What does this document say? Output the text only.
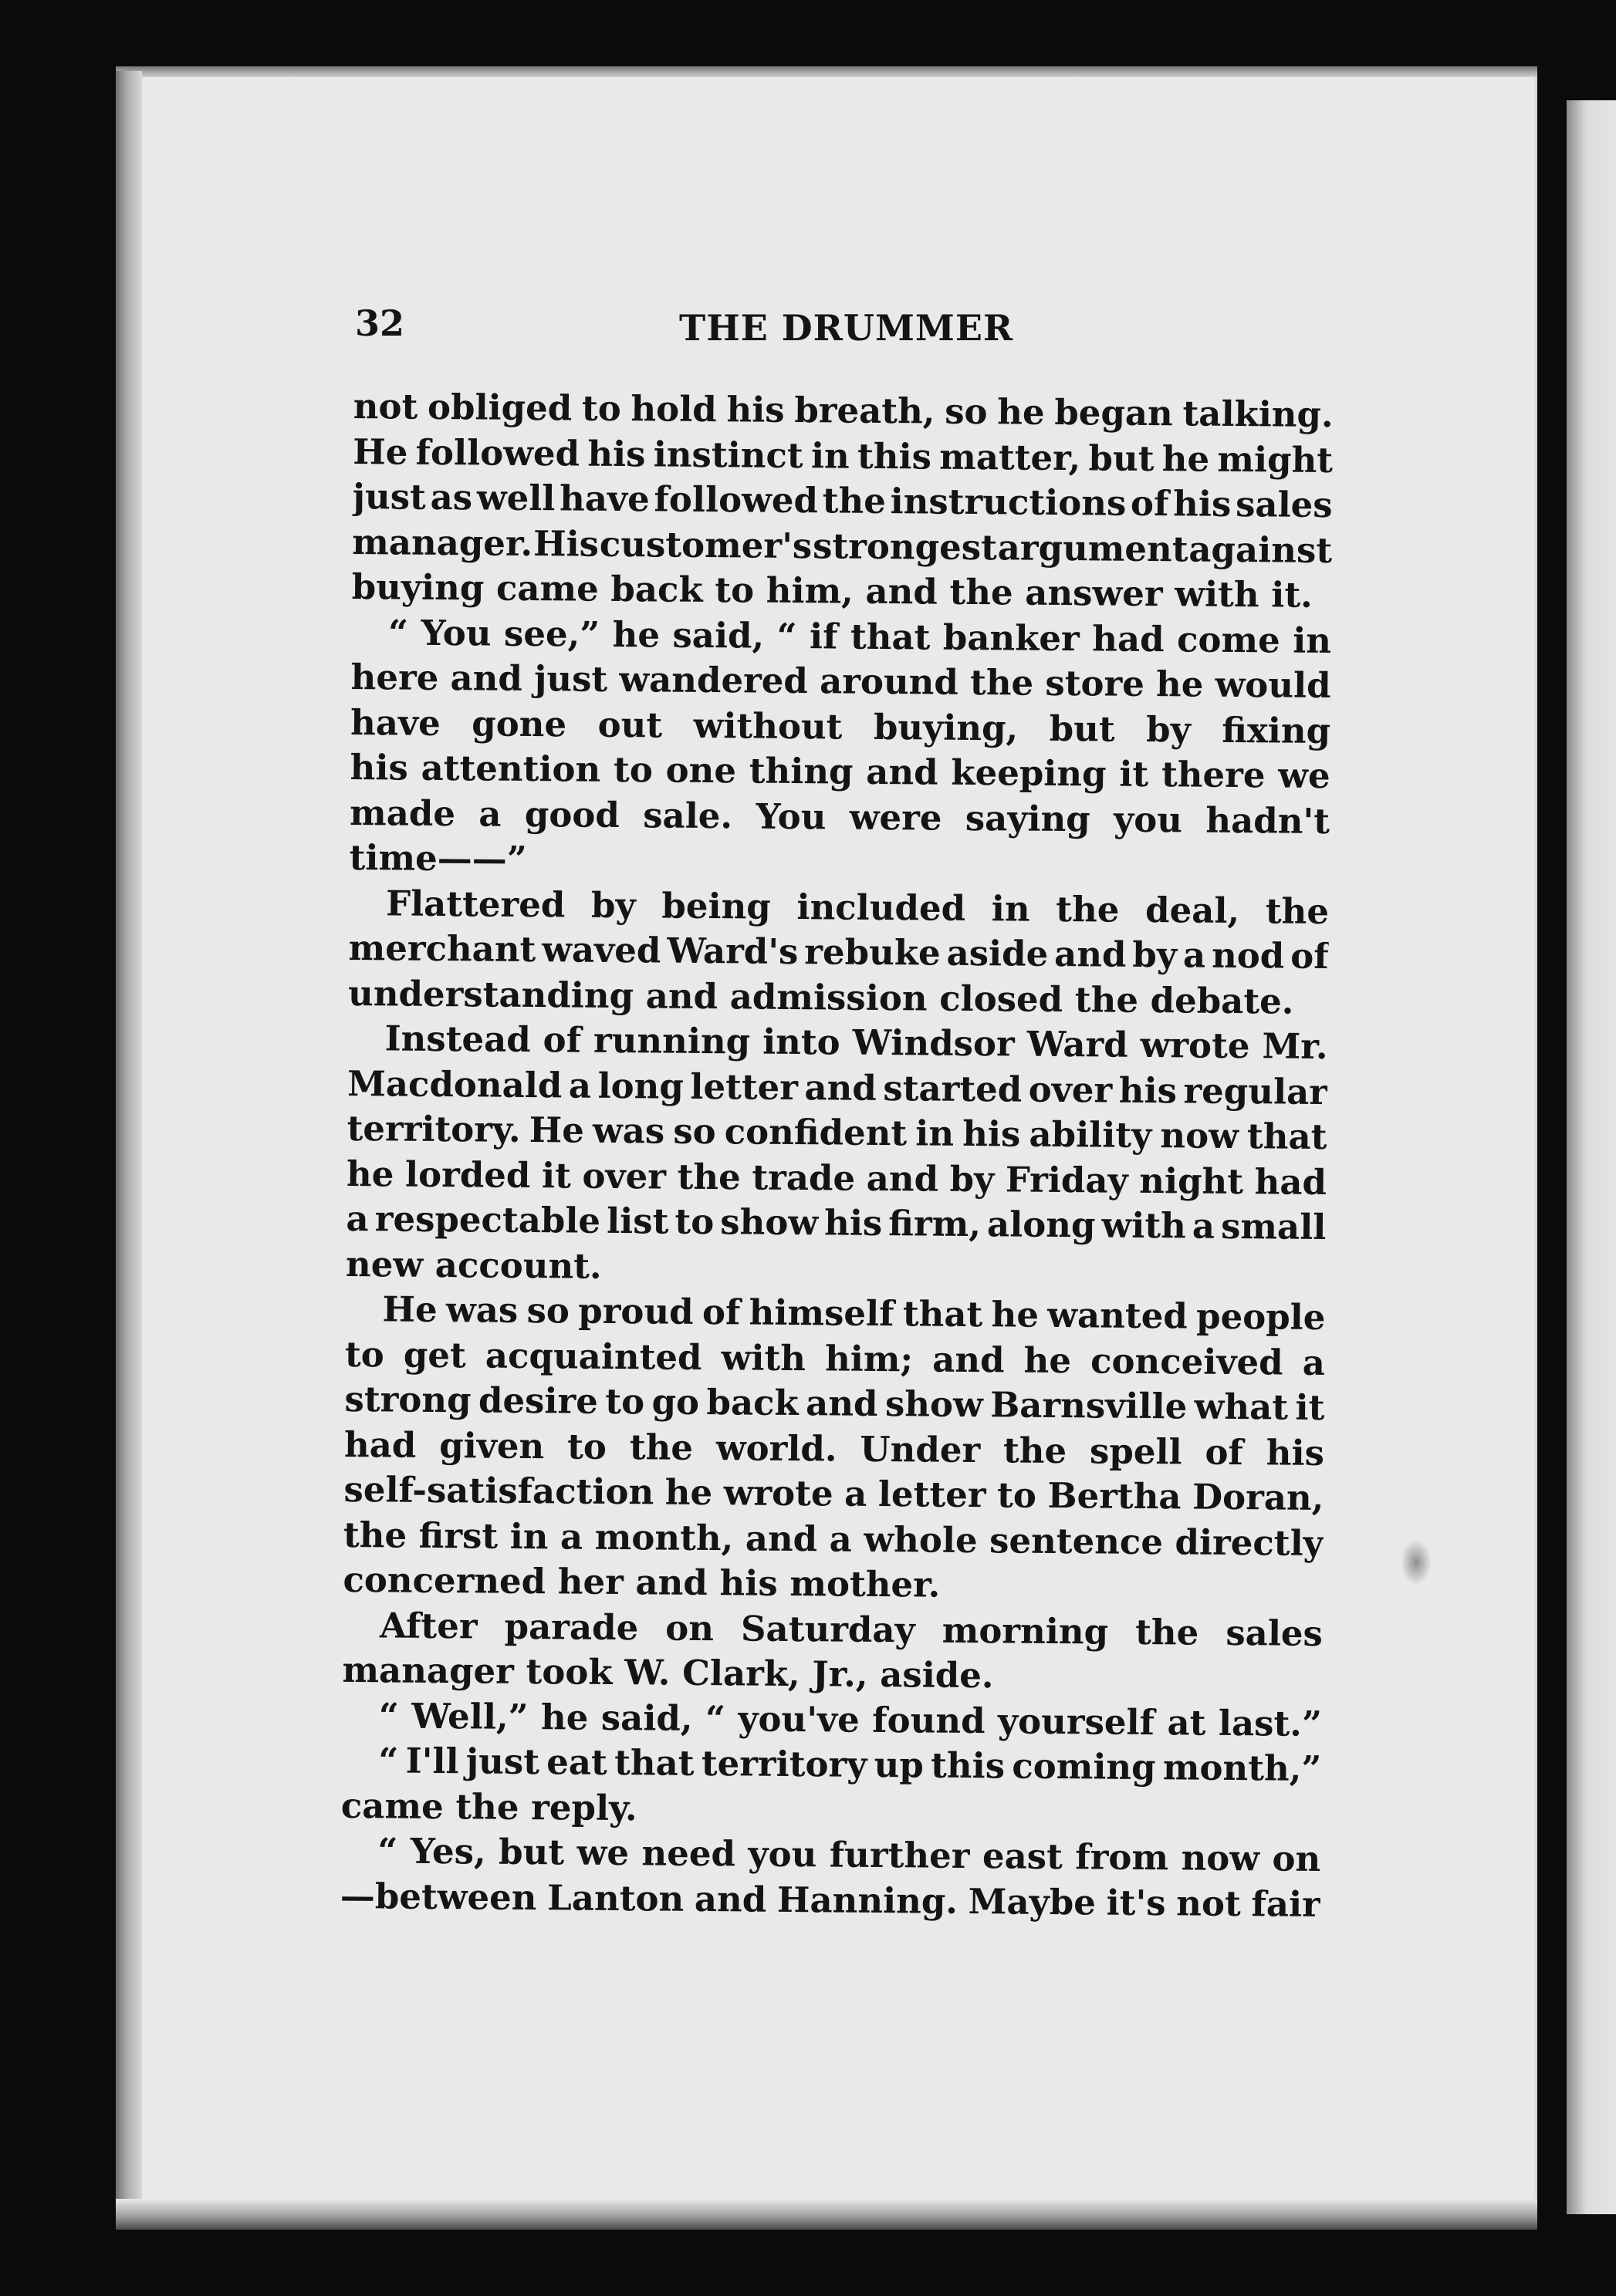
32	THE DRUMMER
not obliged to hold his breath, so he began talking.
He followed his instinct in this matter, but he might
just as well have followed the instructions of his sales
manager. His customer's strongest argument against
buying came back to him, and the answer with it.
“ You see,” he said, “ if that banker had come in
here and just wandered around the store he would
have gone out without buying, but by fixing
his attention to one thing and keeping it there we
made a good sale. You were saying you hadn't
time——”
Flattered by being included in the deal, the
merchant waved Ward's rebuke aside and by a nod of
understanding and admission closed the debate.
Instead of running into Windsor Ward wrote Mr.
Macdonald a long letter and started over his regular
territory. He was so confident in his ability now that
he lorded it over the trade and by Friday night had
a respectable list to show his firm, along with a small
new account.
He was so proud of himself that he wanted people
to get acquainted with him; and he conceived a
strong desire to go back and show Barnsville what it
had given to the world. Under the spell of his
self-satisfaction he wrote a letter to Bertha Doran,
the first in a month, and a whole sentence directly
concerned her and his mother.
After parade on Saturday morning the sales
manager took W. Clark, Jr., aside.
“ Well,” he said, “ you've found yourself at last.”
“ I'll just eat that territory up this coming month,”
came the reply.
“ Yes, but we need you further east from now on
—between Lanton and Hanning. Maybe it's not fair
